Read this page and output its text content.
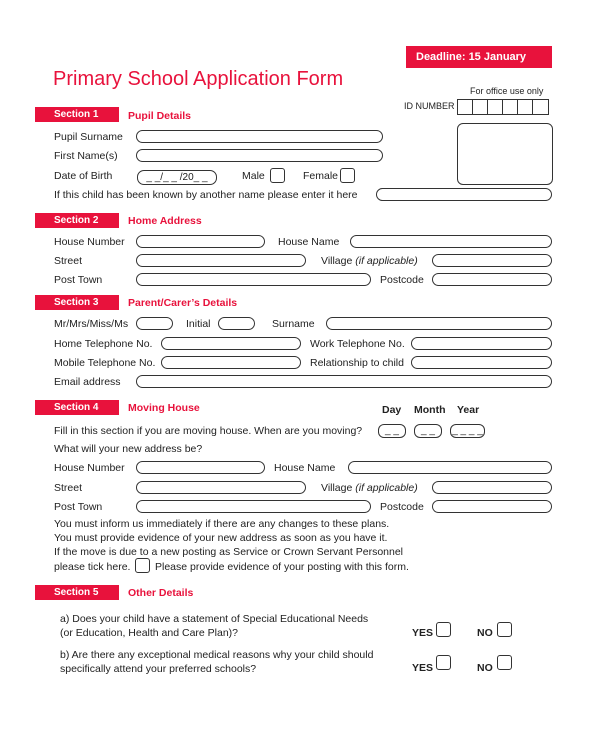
Deadline: 15 January 2016
Primary School Application Form
For office use only
ID NUMBER
Section 1	Pupil Details
Pupil Surname
First Name(s)
Date of Birth	_ _/_ _ /20_ _	Male	Female
If this child has been known by another name please enter it here
Section 2	Home Address
House Number	House Name
Street	Village (if applicable)
Post Town	Postcode
Section 3	Parent/Carer’s Details
Mr/Mrs/Miss/Ms	Initial	Surname
Home Telephone No.	Work Telephone No.
Mobile Telephone No.	Relationship to child
Email address
Section 4	Moving House	Day Month Year
Fill in this section if you are moving house. When are you moving?	_ _	_ _	_ _ _ _
What will your new address be?
House Number	House Name
Street	Village (if applicable)
Post Town	Postcode
You must inform us immediately if there are any changes to these plans.
You must provide evidence of your new address as soon as you have it.
If the move is due to a new posting as Service or Crown Servant Personnel
please tick here. Please provide evidence of your posting with this form.
Section 5	Other Details
a) Does your child have a statement of Special Educational Needs
(or Education, Health and Care Plan)?	YES	NO
b) Are there any exceptional medical reasons why your child should
specifically attend your preferred schools?	YES	NO
